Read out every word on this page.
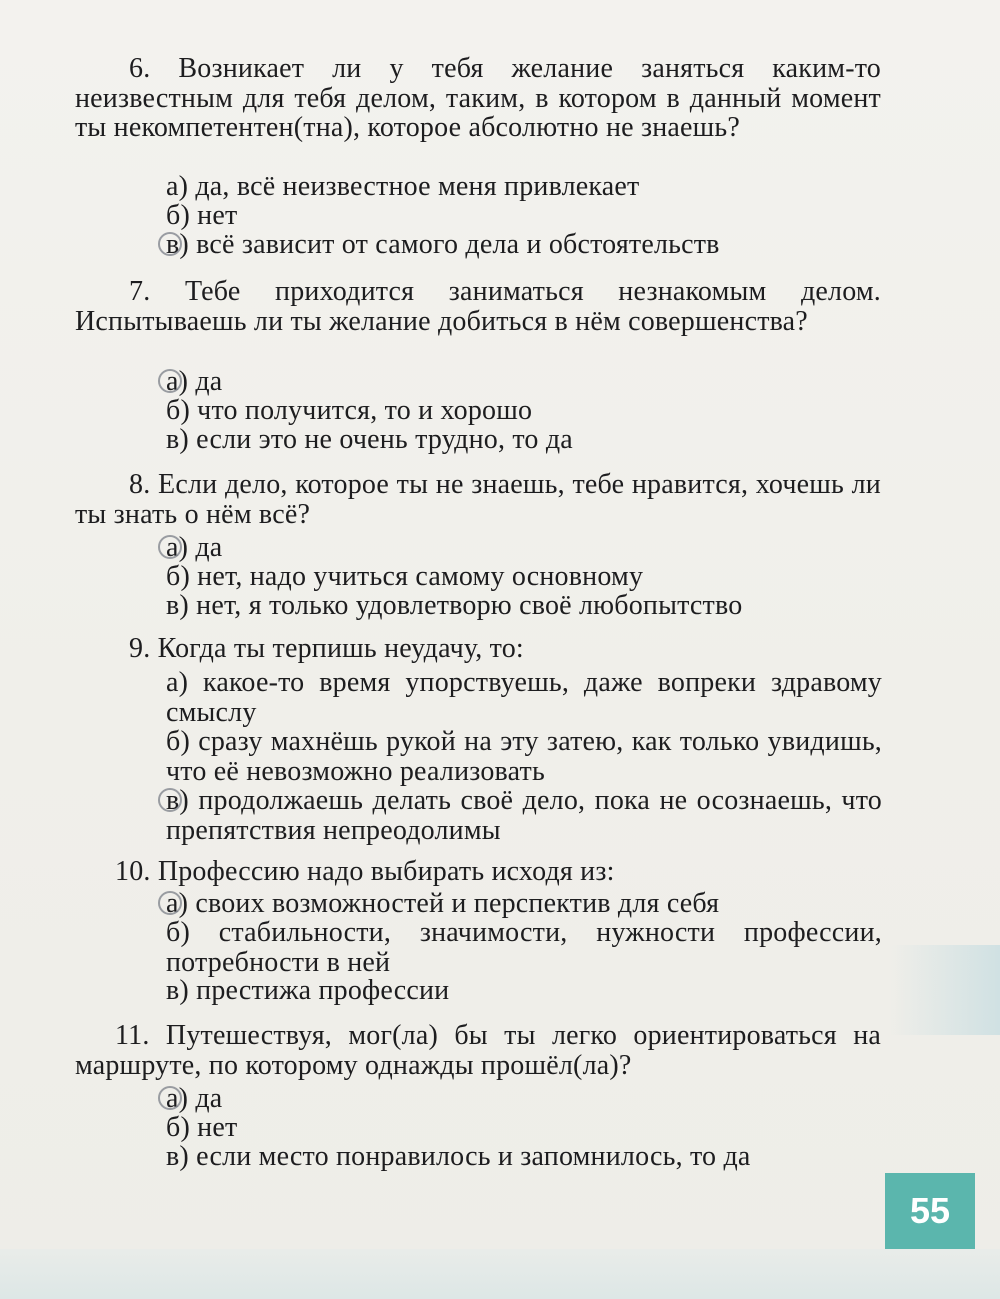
6. Возникает ли у тебя желание заняться каким-то неизвестным для тебя делом, таким, в котором в данный момент ты некомпетентен(тна), которое абсолютно не знаешь?
а) да, всё неизвестное меня привлекает
б) нет
в) всё зависит от самого дела и обстоятельств
7. Тебе приходится заниматься незнакомым делом. Испытываешь ли ты желание добиться в нём совершенства?
а) да
б) что получится, то и хорошо
в) если это не очень трудно, то да
8. Если дело, которое ты не знаешь, тебе нравится, хочешь ли ты знать о нём всё?
а) да
б) нет, надо учиться самому основному
в) нет, я только удовлетворю своё любопытство
9. Когда ты терпишь неудачу, то:
а) какое-то время упорствуешь, даже вопреки здравому смыслу
б) сразу махнёшь рукой на эту затею, как только увидишь, что её невозможно реализовать
в) продолжаешь делать своё дело, пока не осознаешь, что препятствия непреодолимы
10. Профессию надо выбирать исходя из:
а) своих возможностей и перспектив для себя
б) стабильности, значимости, нужности профессии, потребности в ней
в) престижа профессии
11. Путешествуя, мог(ла) бы ты легко ориентироваться на маршруте, по которому однажды прошёл(ла)?
а) да
б) нет
в) если место понравилось и запомнилось, то да
55
